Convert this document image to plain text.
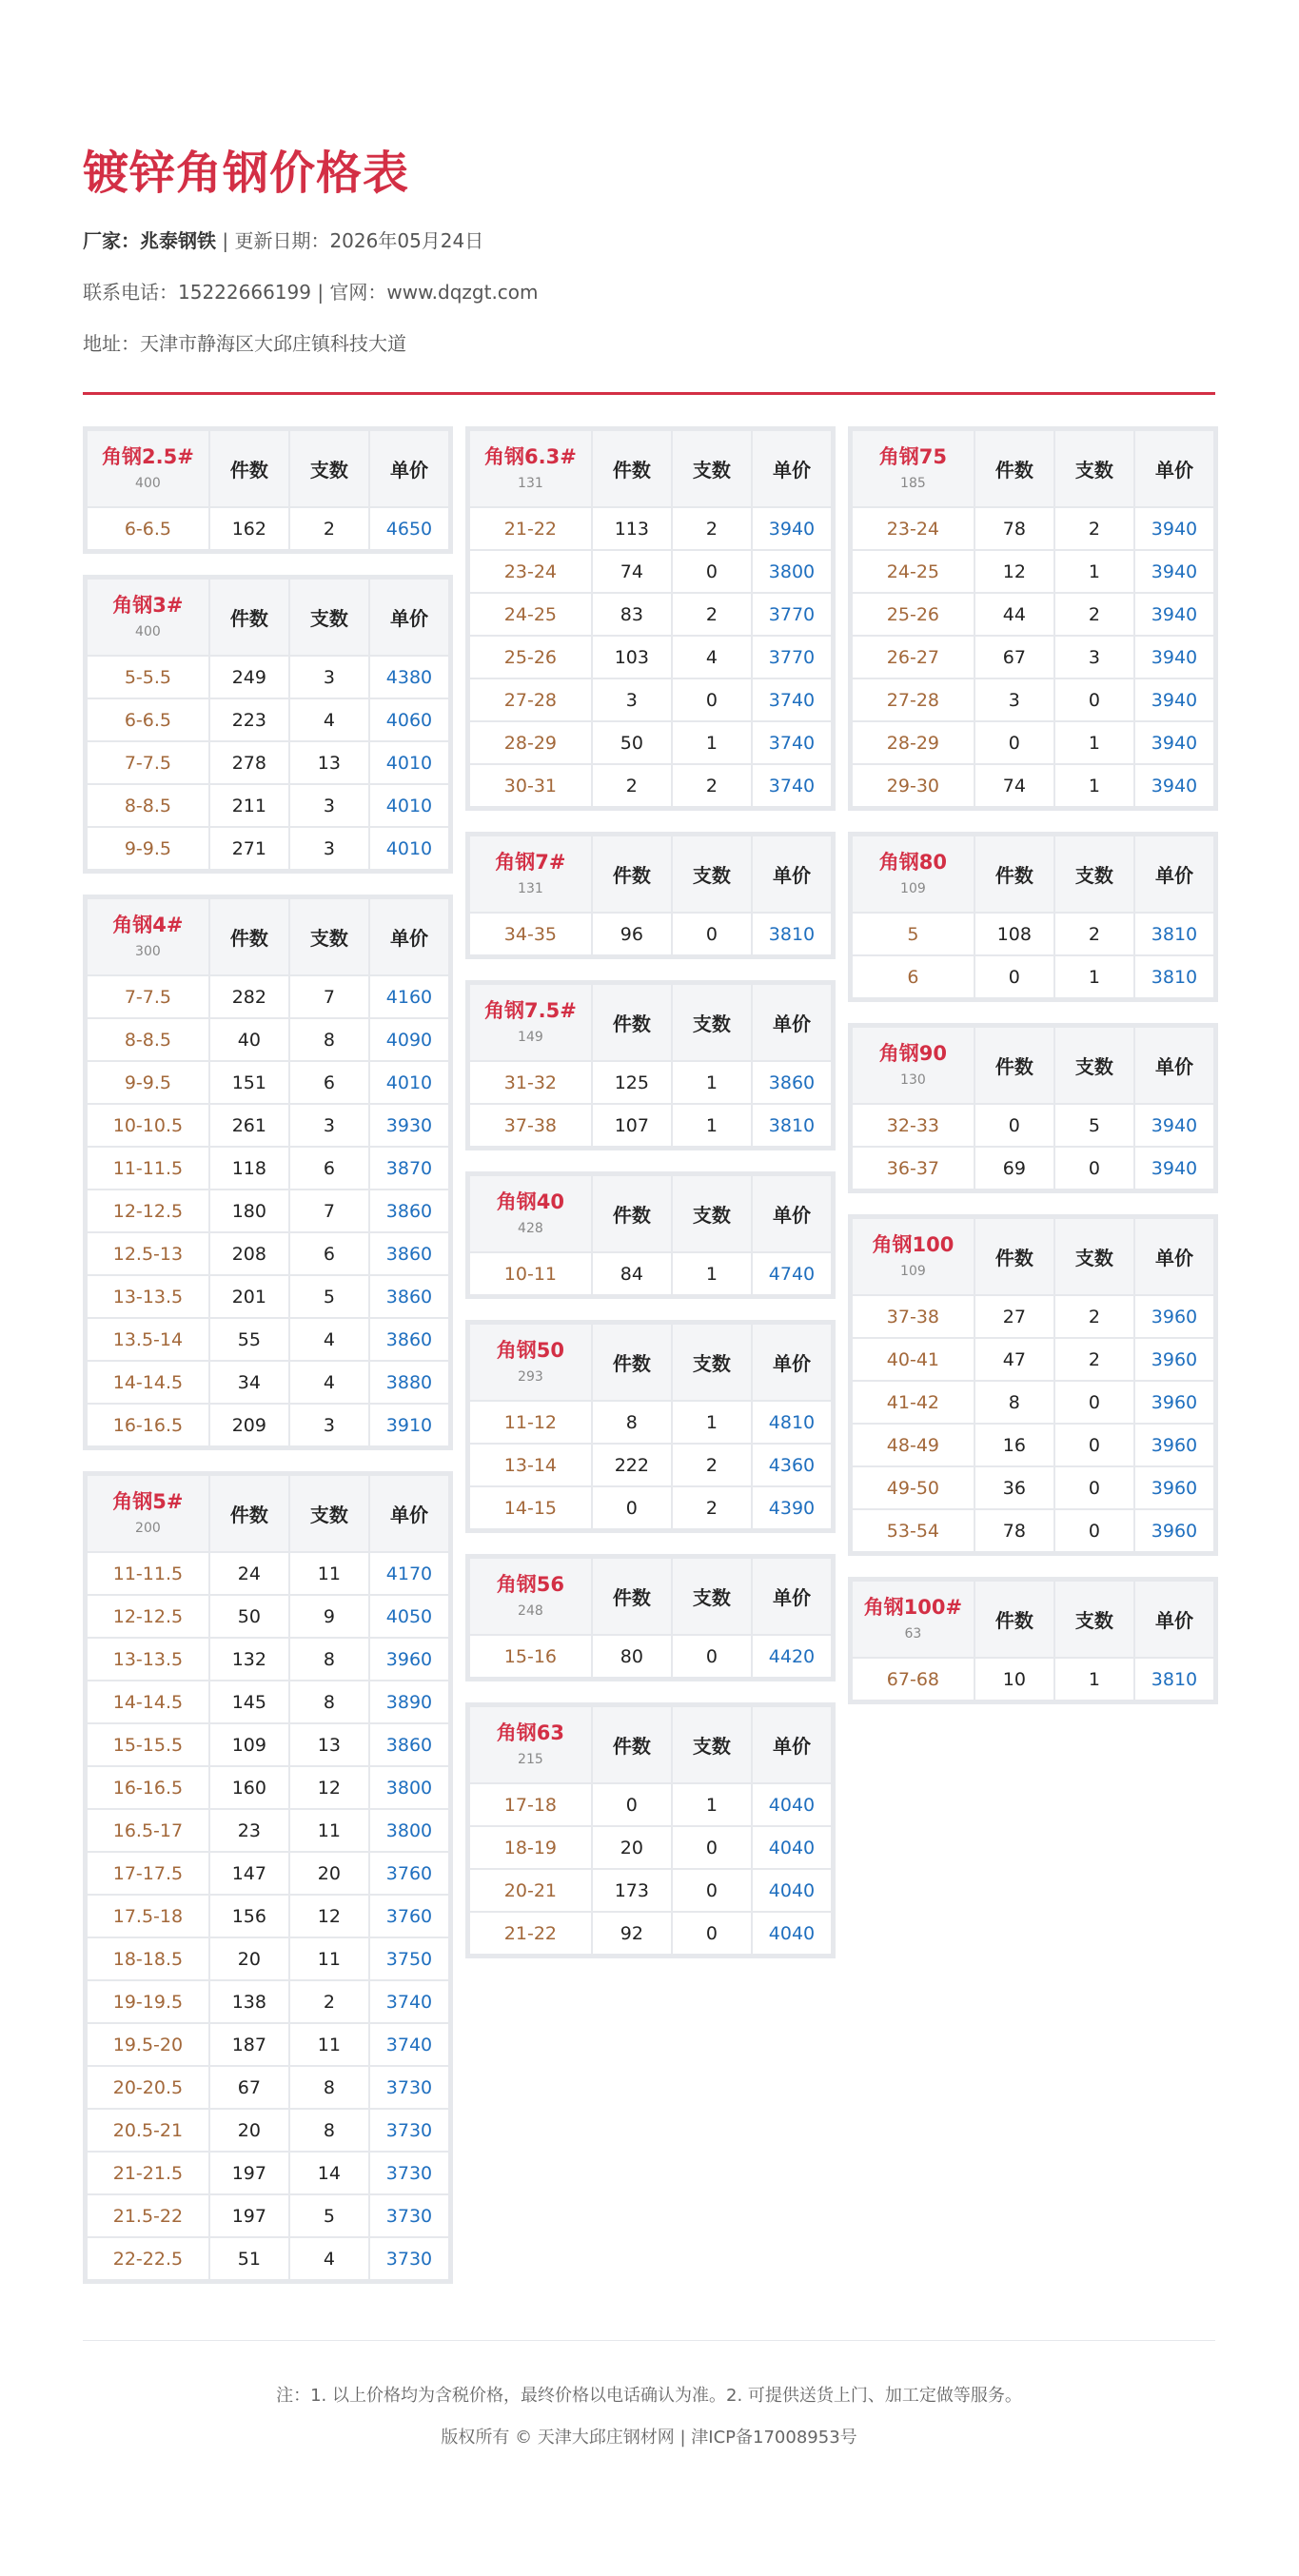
镀锌角钢价格表
厂家：兆泰钢铁 | 更新日期：2026年05月24日
联系电话：15222666199 | 官网：www.dqzgt.com
地址：天津市静海区大邱庄镇科技大道
角钢2.5#
400	件数	支数	单价
6-6.5	162	2	4650
角钢3#
400	件数	支数	单价
5-5.5	249	3	4380
6-6.5	223	4	4060
7-7.5	278	13	4010
8-8.5	211	3	4010
9-9.5	271	3	4010
角钢4#
300	件数	支数	单价
7-7.5	282	7	4160
8-8.5	40	8	4090
9-9.5	151	6	4010
10-10.5	261	3	3930
11-11.5	118	6	3870
12-12.5	180	7	3860
12.5-13	208	6	3860
13-13.5	201	5	3860
13.5-14	55	4	3860
14-14.5	34	4	3880
16-16.5	209	3	3910
角钢5#
200	件数	支数	单价
11-11.5	24	11	4170
12-12.5	50	9	4050
13-13.5	132	8	3960
14-14.5	145	8	3890
15-15.5	109	13	3860
16-16.5	160	12	3800
16.5-17	23	11	3800
17-17.5	147	20	3760
17.5-18	156	12	3760
18-18.5	20	11	3750
19-19.5	138	2	3740
19.5-20	187	11	3740
20-20.5	67	8	3730
20.5-21	20	8	3730
21-21.5	197	14	3730
21.5-22	197	5	3730
22-22.5	51	4	3730
角钢6.3#
131	件数	支数	单价
21-22	113	2	3940
23-24	74	0	3800
24-25	83	2	3770
25-26	103	4	3770
27-28	3	0	3740
28-29	50	1	3740
30-31	2	2	3740
角钢7#
131	件数	支数	单价
34-35	96	0	3810
角钢7.5#
149	件数	支数	单价
31-32	125	1	3860
37-38	107	1	3810
角钢40
428	件数	支数	单价
10-11	84	1	4740
角钢50
293	件数	支数	单价
11-12	8	1	4810
13-14	222	2	4360
14-15	0	2	4390
角钢56
248	件数	支数	单价
15-16	80	0	4420
角钢63
215	件数	支数	单价
17-18	0	1	4040
18-19	20	0	4040
20-21	173	0	4040
21-22	92	0	4040
角钢75
185	件数	支数	单价
23-24	78	2	3940
24-25	12	1	3940
25-26	44	2	3940
26-27	67	3	3940
27-28	3	0	3940
28-29	0	1	3940
29-30	74	1	3940
角钢80
109	件数	支数	单价
5	108	2	3810
6	0	1	3810
角钢90
130	件数	支数	单价
32-33	0	5	3940
36-37	69	0	3940
角钢100
109	件数	支数	单价
37-38	27	2	3960
40-41	47	2	3960
41-42	8	0	3960
48-49	16	0	3960
49-50	36	0	3960
53-54	78	0	3960
角钢100#
63	件数	支数	单价
67-68	10	1	3810
注：1. 以上价格均为含税价格，最终价格以电话确认为准。2. 可提供送货上门、加工定做等服务。
版权所有 © 天津大邱庄钢材网 | 津ICP备17008953号
